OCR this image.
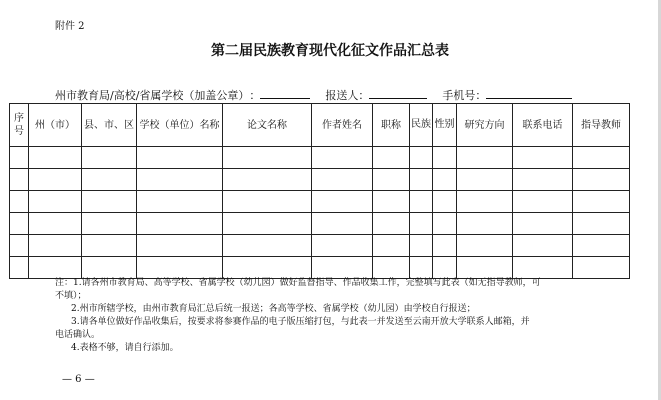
附件 2
第二届民族教育现代化征文作品汇总表
州市教育局/高校/省属学校（加盖公章）：	报送人：	手机号：
序号	州（市）	县、市、区	学校（单位）名称	论文名称	作者姓名	职称	民族	性别	研究方向	联系电话	指导教师

注：1.请各州市教育局、高等学校、省属学校（幼儿园）做好监督指导、作品收集工作，完整填写此表（如无指导教师，可
不填）；
2.州市所辖学校，由州市教育局汇总后统一报送；各高等学校、省属学校（幼儿园）由学校自行报送；
3.请各单位做好作品收集后，按要求将参赛作品的电子版压缩打包，与此表一并发送至云南开放大学联系人邮箱，并
电话确认。
4.表格不够，请自行添加。
— 6 —
